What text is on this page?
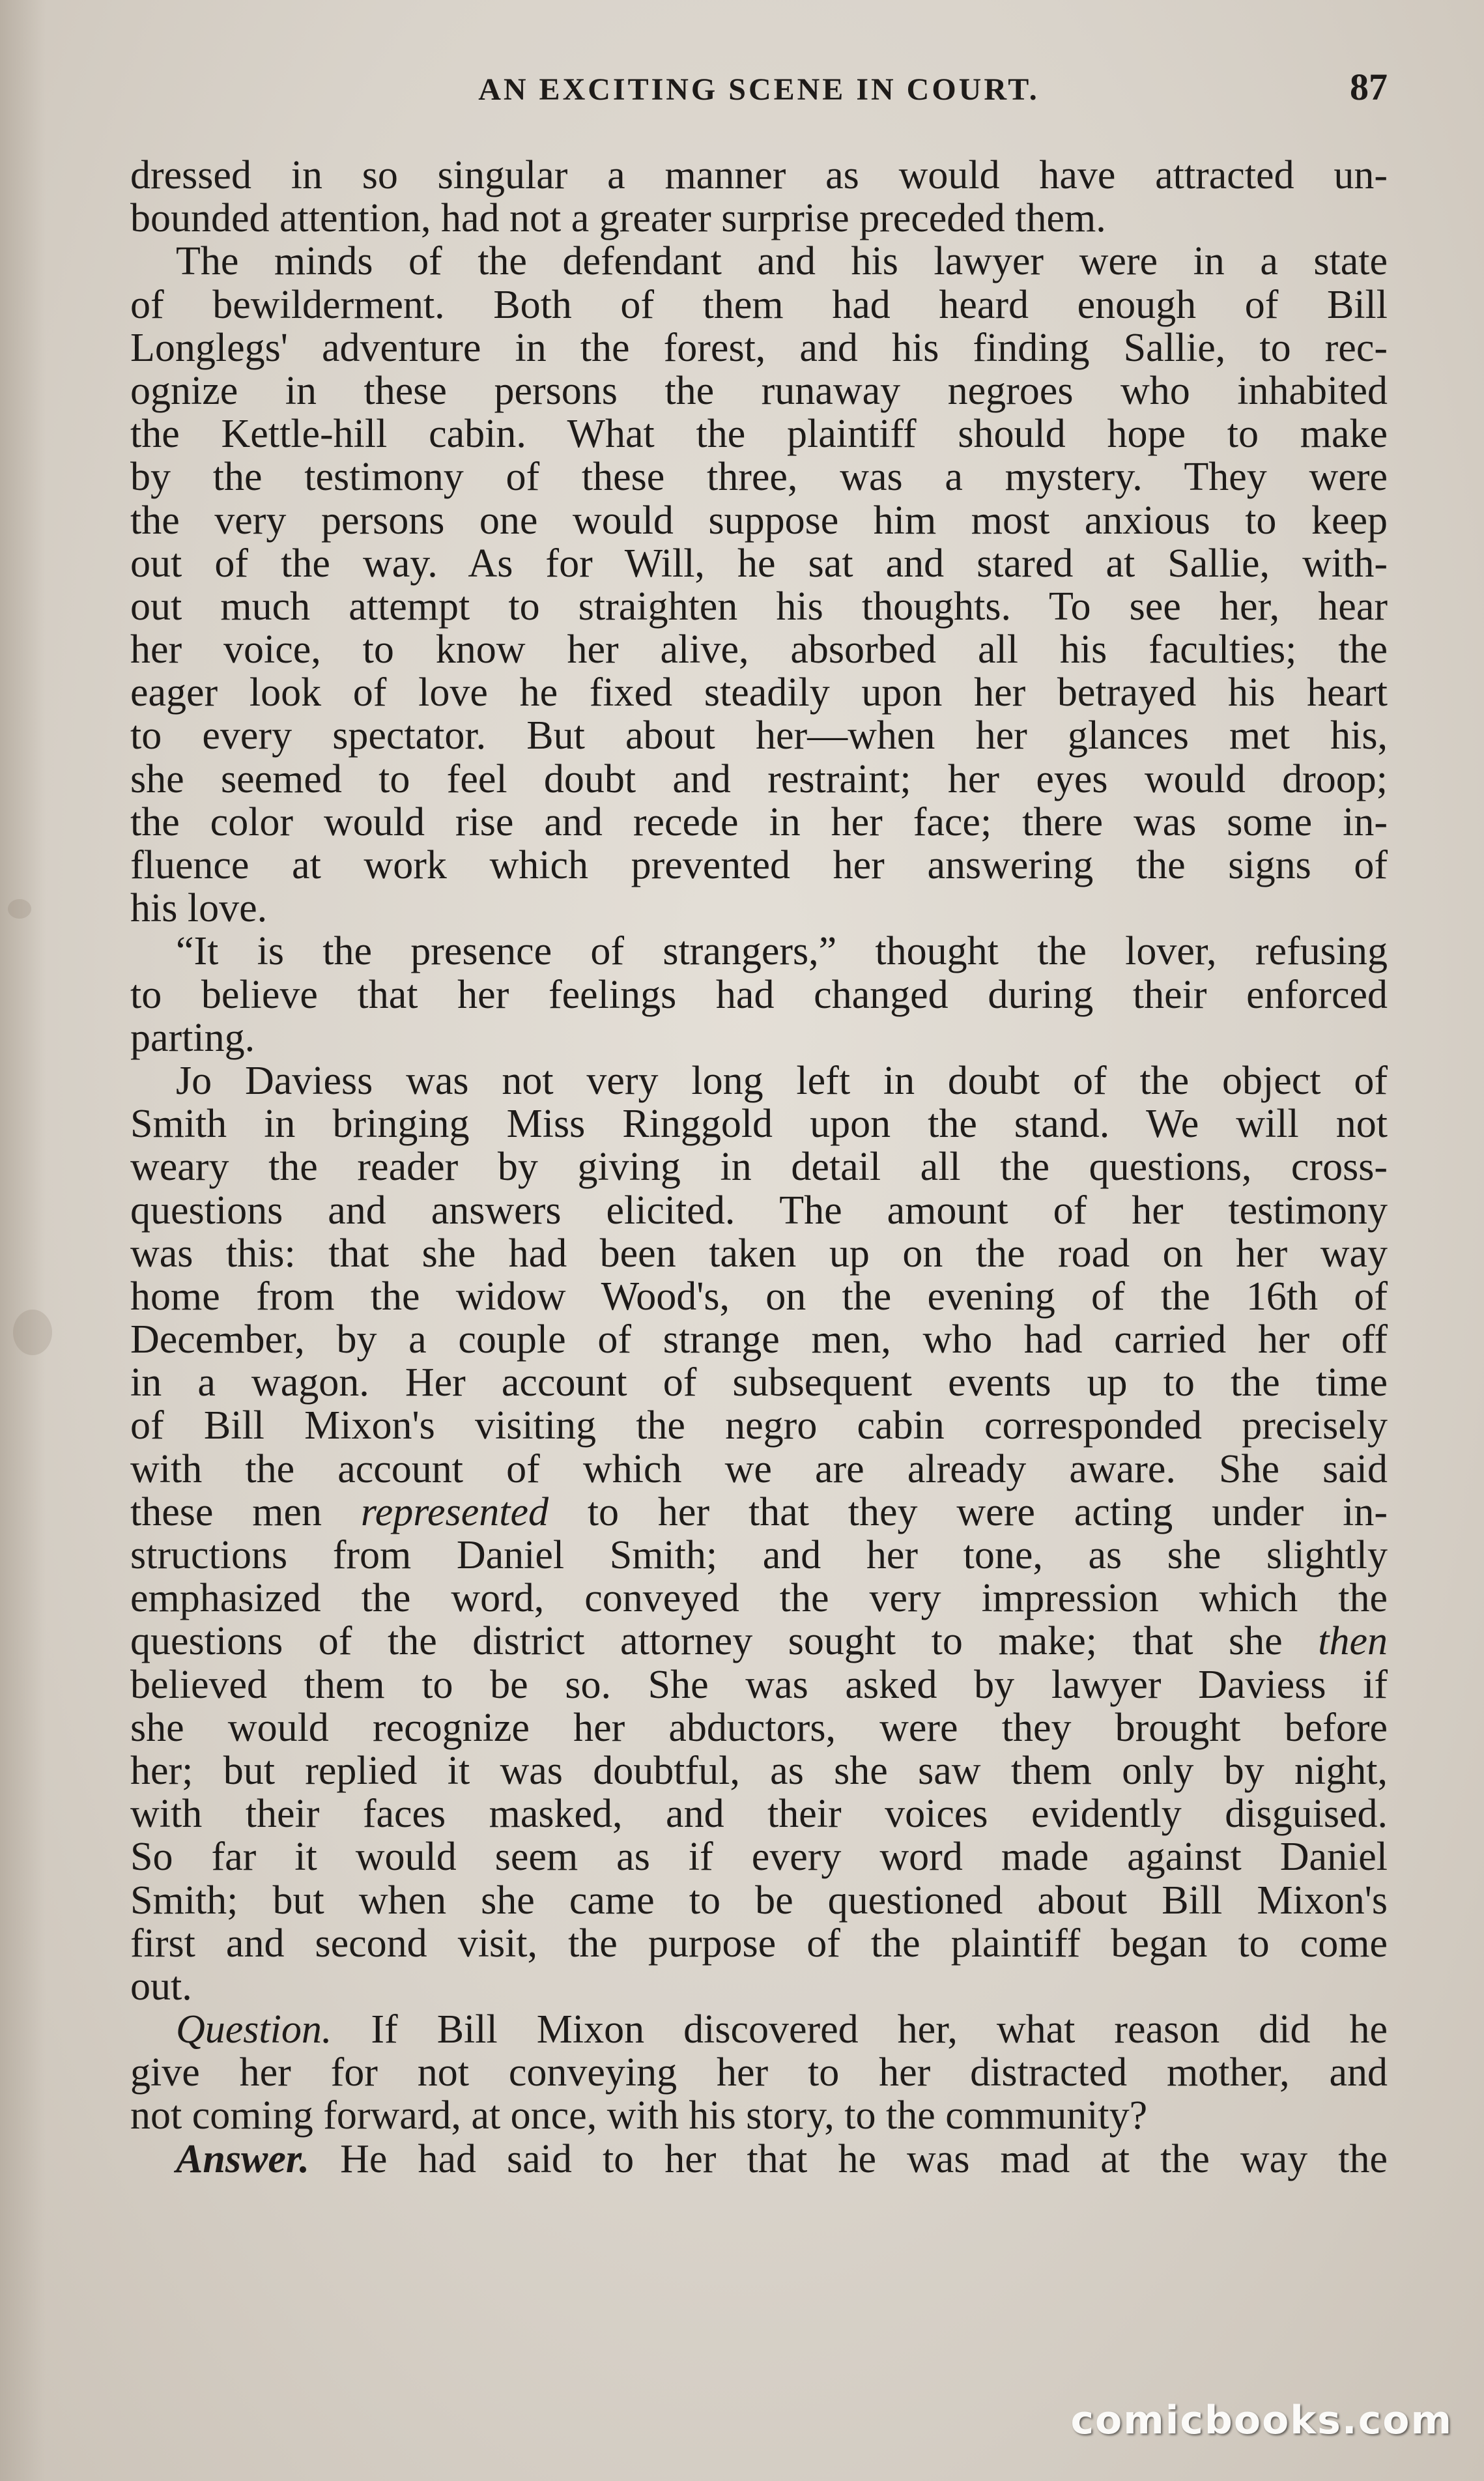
AN EXCITING SCENE IN COURT.	87
dressed in so singular a manner as would have attracted un-
bounded attention, had not a greater surprise preceded them.
The minds of the defendant and his lawyer were in a state
of bewilderment. Both of them had heard enough of Bill
Longlegs' adventure in the forest, and his finding Sallie, to rec-
ognize in these persons the runaway negroes who inhabited
the Kettle-hill cabin. What the plaintiff should hope to make
by the testimony of these three, was a mystery. They were
the very persons one would suppose him most anxious to keep
out of the way. As for Will, he sat and stared at Sallie, with-
out much attempt to straighten his thoughts. To see her, hear
her voice, to know her alive, absorbed all his faculties; the
eager look of love he fixed steadily upon her betrayed his heart
to every spectator. But about her—when her glances met his,
she seemed to feel doubt and restraint; her eyes would droop;
the color would rise and recede in her face; there was some in-
fluence at work which prevented her answering the signs of
his love.
“It is the presence of strangers,” thought the lover, refusing
to believe that her feelings had changed during their enforced
parting.
Jo Daviess was not very long left in doubt of the object of
Smith in bringing Miss Ringgold upon the stand. We will not
weary the reader by giving in detail all the questions, cross-
questions and answers elicited. The amount of her testimony
was this: that she had been taken up on the road on her way
home from the widow Wood's, on the evening of the 16th of
December, by a couple of strange men, who had carried her off
in a wagon. Her account of subsequent events up to the time
of Bill Mixon's visiting the negro cabin corresponded precisely
with the account of which we are already aware. She said
these men represented to her that they were acting under in-
structions from Daniel Smith; and her tone, as she slightly
emphasized the word, conveyed the very impression which the
questions of the district attorney sought to make; that she then
believed them to be so. She was asked by lawyer Daviess if
she would recognize her abductors, were they brought before
her; but replied it was doubtful, as she saw them only by night,
with their faces masked, and their voices evidently disguised.
So far it would seem as if every word made against Daniel
Smith; but when she came to be questioned about Bill Mixon's
first and second visit, the purpose of the plaintiff began to come
out.
Question. If Bill Mixon discovered her, what reason did he
give her for not conveying her to her distracted mother, and
not coming forward, at once, with his story, to the community?
Answer. He had said to her that he was mad at the way the
comicbooks.com
